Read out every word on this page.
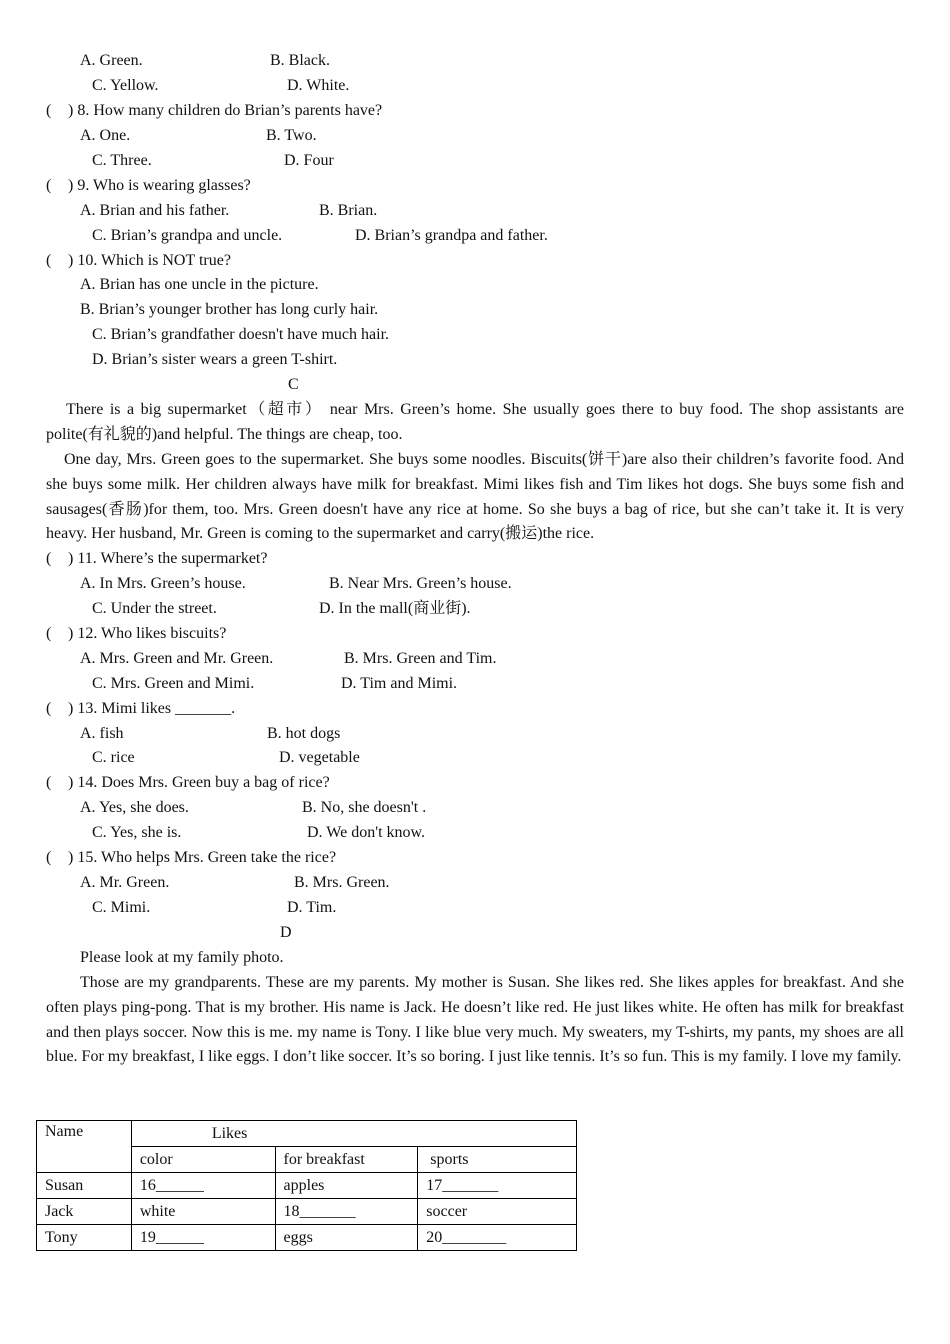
A. Green.	B. Black.
C. Yellow.	D. White.
( ) 8. How many children do Brian’s parents have?
A. One.	B. Two.
C. Three.	D. Four
( ) 9. Who is wearing glasses?
A. Brian and his father.	B. Brian.
C. Brian’s grandpa and uncle.	D. Brian’s grandpa and father.
( ) 10. Which is NOT true?
A. Brian has one uncle in the picture.
B. Brian’s younger brother has long curly hair.
C. Brian’s grandfather doesn't have much hair.
D. Brian’s sister wears a green T-shirt.
C
There is a big supermarket（超市） near Mrs. Green’s home. She usually goes there to buy food. The shop assistants are polite(有礼貌的)and helpful. The things are cheap, too.
One day, Mrs. Green goes to the supermarket. She buys some noodles. Biscuits(饼干)are also their children’s favorite food. And she buys some milk. Her children always have milk for breakfast. Mimi likes fish and Tim likes hot dogs. She buys some fish and sausages(香肠)for them, too. Mrs. Green doesn't have any rice at home. So she buys a bag of rice, but she can’t take it. It is very heavy. Her husband, Mr. Green is coming to the supermarket and carry(搬运)the rice.
( ) 11. Where’s the supermarket?
A. In Mrs. Green’s house.	B. Near Mrs. Green’s house.
C. Under the street.	D. In the mall(商业街).
( ) 12. Who likes biscuits?
A. Mrs. Green and Mr. Green.	B. Mrs. Green and Tim.
C. Mrs. Green and Mimi.	D. Tim and Mimi.
( ) 13. Mimi likes _______.
A. fish	B. hot dogs
C. rice	D. vegetable
( ) 14. Does Mrs. Green buy a bag of rice?
A. Yes, she does.	B. No, she doesn't .
C. Yes, she is.	D. We don't know.
( ) 15. Who helps Mrs. Green take the rice?
A. Mr. Green.	B. Mrs. Green.
C. Mimi.	D. Tim.
D
Please look at my family photo.
Those are my grandparents. These are my parents. My mother is Susan. She likes red. She likes apples for breakfast. And she often plays ping-pong. That is my brother. His name is Jack. He doesn’t like red. He just likes white. He often has milk for breakfast and then plays soccer. Now this is me. my name is Tony. I like blue very much. My sweaters, my T-shirts, my pants, my shoes are all blue. For my breakfast, I like eggs. I don’t like soccer. It’s so boring. I just like tennis. It’s so fun. This is my family. I love my family.
Name	Likes		
	color	for breakfast	sports
Susan	16______	apples	17_______
Jack	white	18_______	soccer
Tony	19______	eggs	20________
